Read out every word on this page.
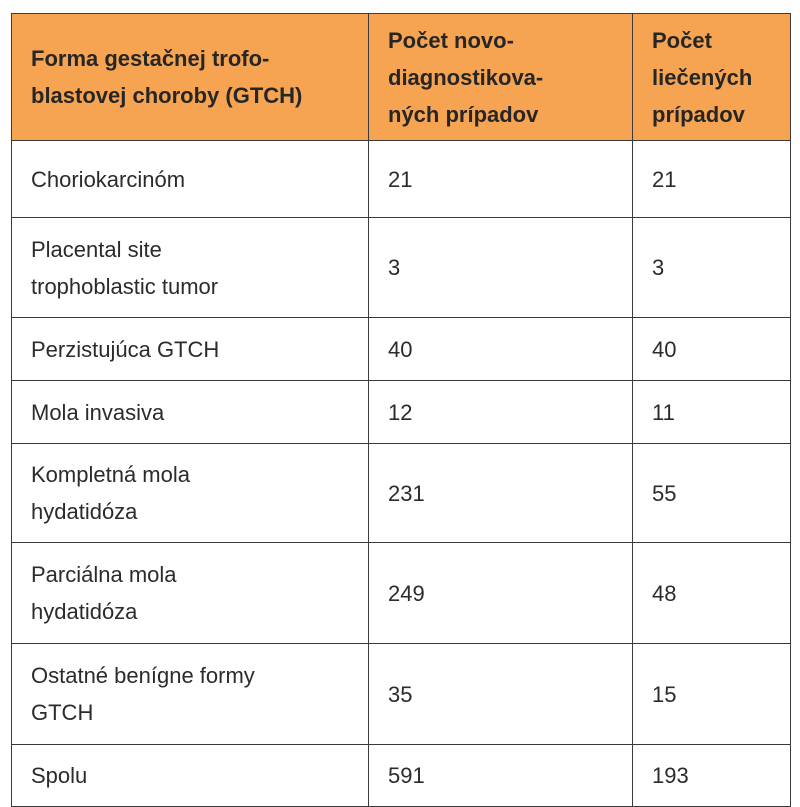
Forma gestačnej trofo-
blastovej choroby (GTCH)	Počet novo-
diagnostikova-
ných prípadov	Počet
liečených
prípadov

Choriokarcinóm	21	21

Placental site
trophoblastic tumor	3	3

Perzistujúca GTCH	40	40

Mola invasiva	12	11

Kompletná mola
hydatidóza	231	55

Parciálna mola
hydatidóza	249	48

Ostatné benígne formy
GTCH	35	15

Spolu	591	193
